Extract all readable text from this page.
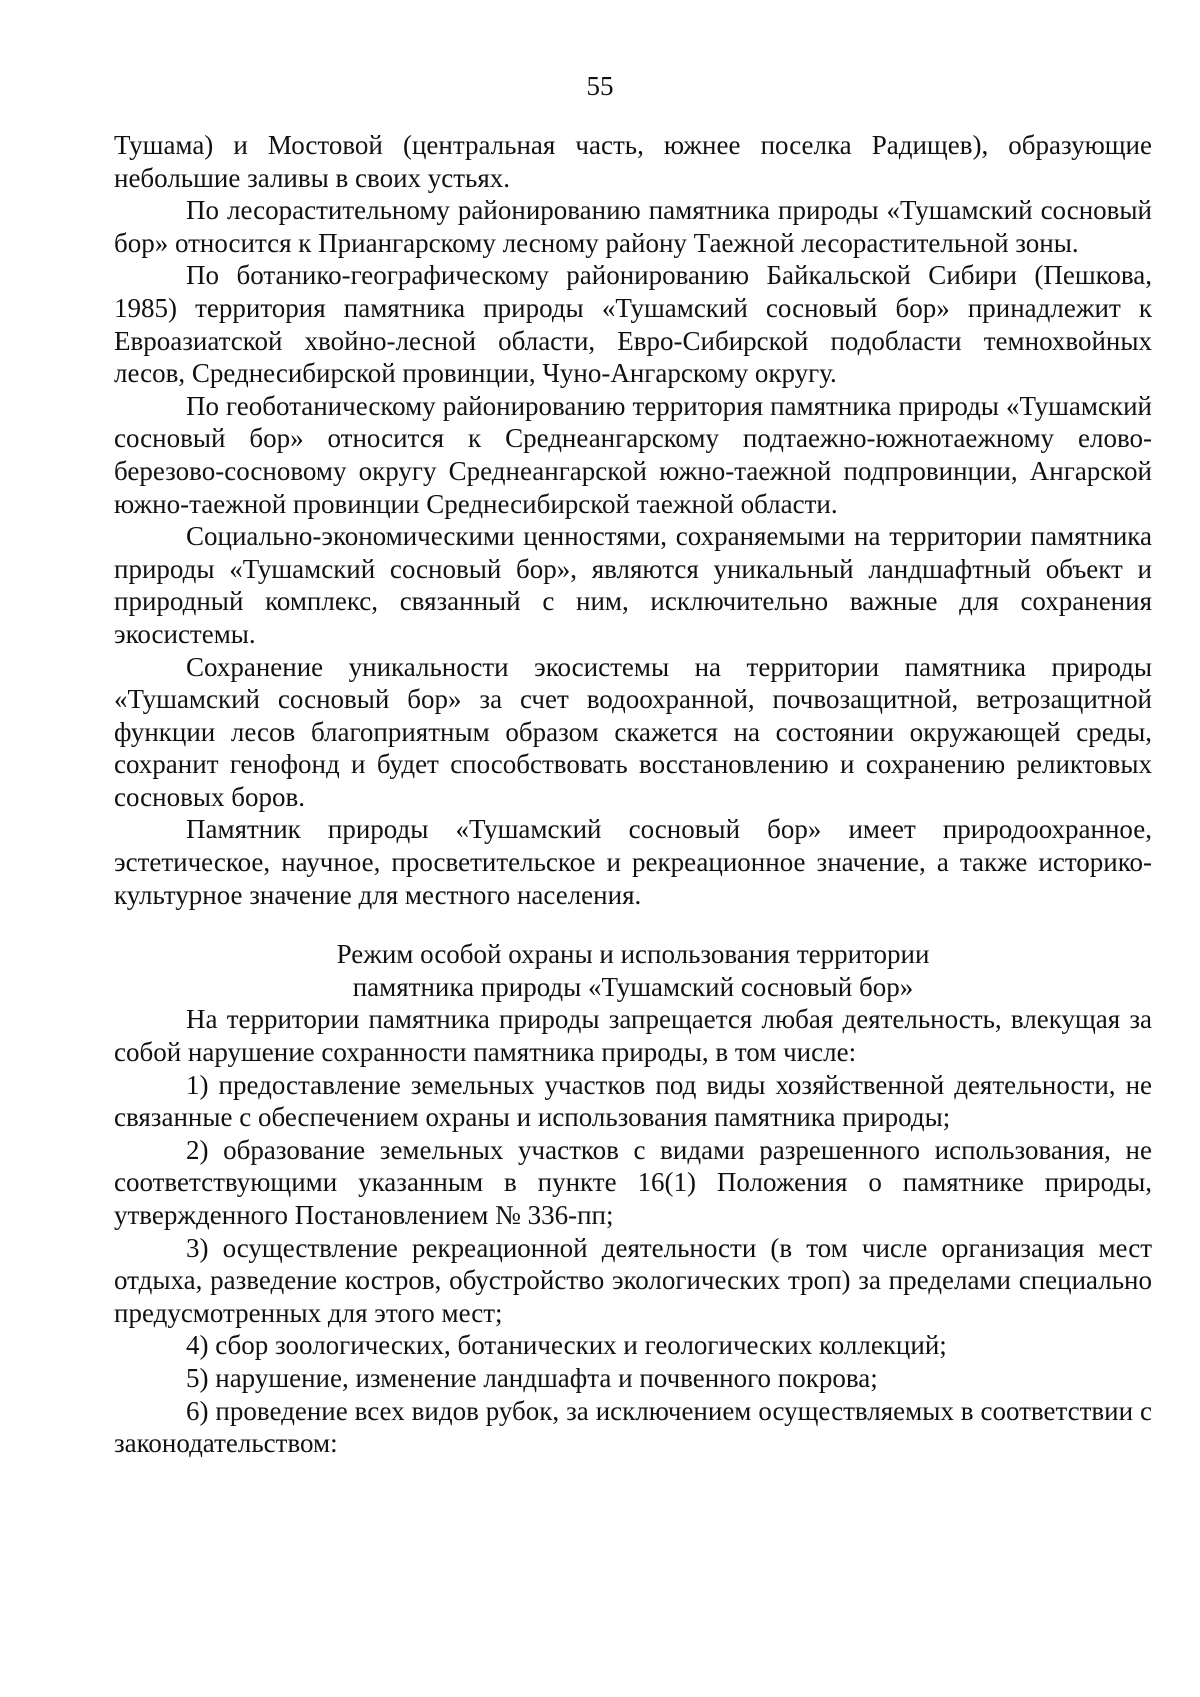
55

Тушама) и Мостовой (центральная часть, южнее поселка Радищев), образующие небольшие заливы в своих устьях.

По лесорастительному районированию памятника природы «Тушамский сосновый бор» относится к Приангарскому лесному району Таежной лесорастительной зоны.

По ботанико-географическому районированию Байкальской Сибири (Пешкова, 1985) территория памятника природы «Тушамский сосновый бор» принадлежит к Евроазиатской хвойно-лесной области, Евро-Сибирской подобласти темнохвойных лесов, Среднесибирской провинции, Чуно-Ангарскому округу.

По геоботаническому районированию территория памятника природы «Тушамский сосновый бор» относится к Среднеангарскому подтаежно-южнотаежному елово-березово-сосновому округу Среднеангарской южно-таежной подпровинции, Ангарской южно-таежной провинции Среднесибирской таежной области.

Социально-экономическими ценностями, сохраняемыми на территории памятника природы «Тушамский сосновый бор», являются уникальный ландшафтный объект и природный комплекс, связанный с ним, исключительно важные для сохранения экосистемы.

Сохранение уникальности экосистемы на территории памятника природы «Тушамский сосновый бор» за счет водоохранной, почвозащитной, ветрозащитной функции лесов благоприятным образом скажется на состоянии окружающей среды, сохранит генофонд и будет способствовать восстановлению и сохранению реликтовых сосновых боров.

Памятник природы «Тушамский сосновый бор» имеет природоохранное, эстетическое, научное, просветительское и рекреационное значение, а также историко-культурное значение для местного населения.

Режим особой охраны и использования территории
памятника природы «Тушамский сосновый бор»

На территории памятника природы запрещается любая деятельность, влекущая за собой нарушение сохранности памятника природы, в том числе:

1) предоставление земельных участков под виды хозяйственной деятельности, не связанные с обеспечением охраны и использования памятника природы;

2) образование земельных участков с видами разрешенного использования, не соответствующими указанным в пункте 16(1) Положения о памятнике природы, утвержденного Постановлением № 336-пп;

3) осуществление рекреационной деятельности (в том числе организация мест отдыха, разведение костров, обустройство экологических троп) за пределами специально предусмотренных для этого мест;

4) сбор зоологических, ботанических и геологических коллекций;

5) нарушение, изменение ландшафта и почвенного покрова;

6) проведение всех видов рубок, за исключением осуществляемых в соответствии с законодательством:
